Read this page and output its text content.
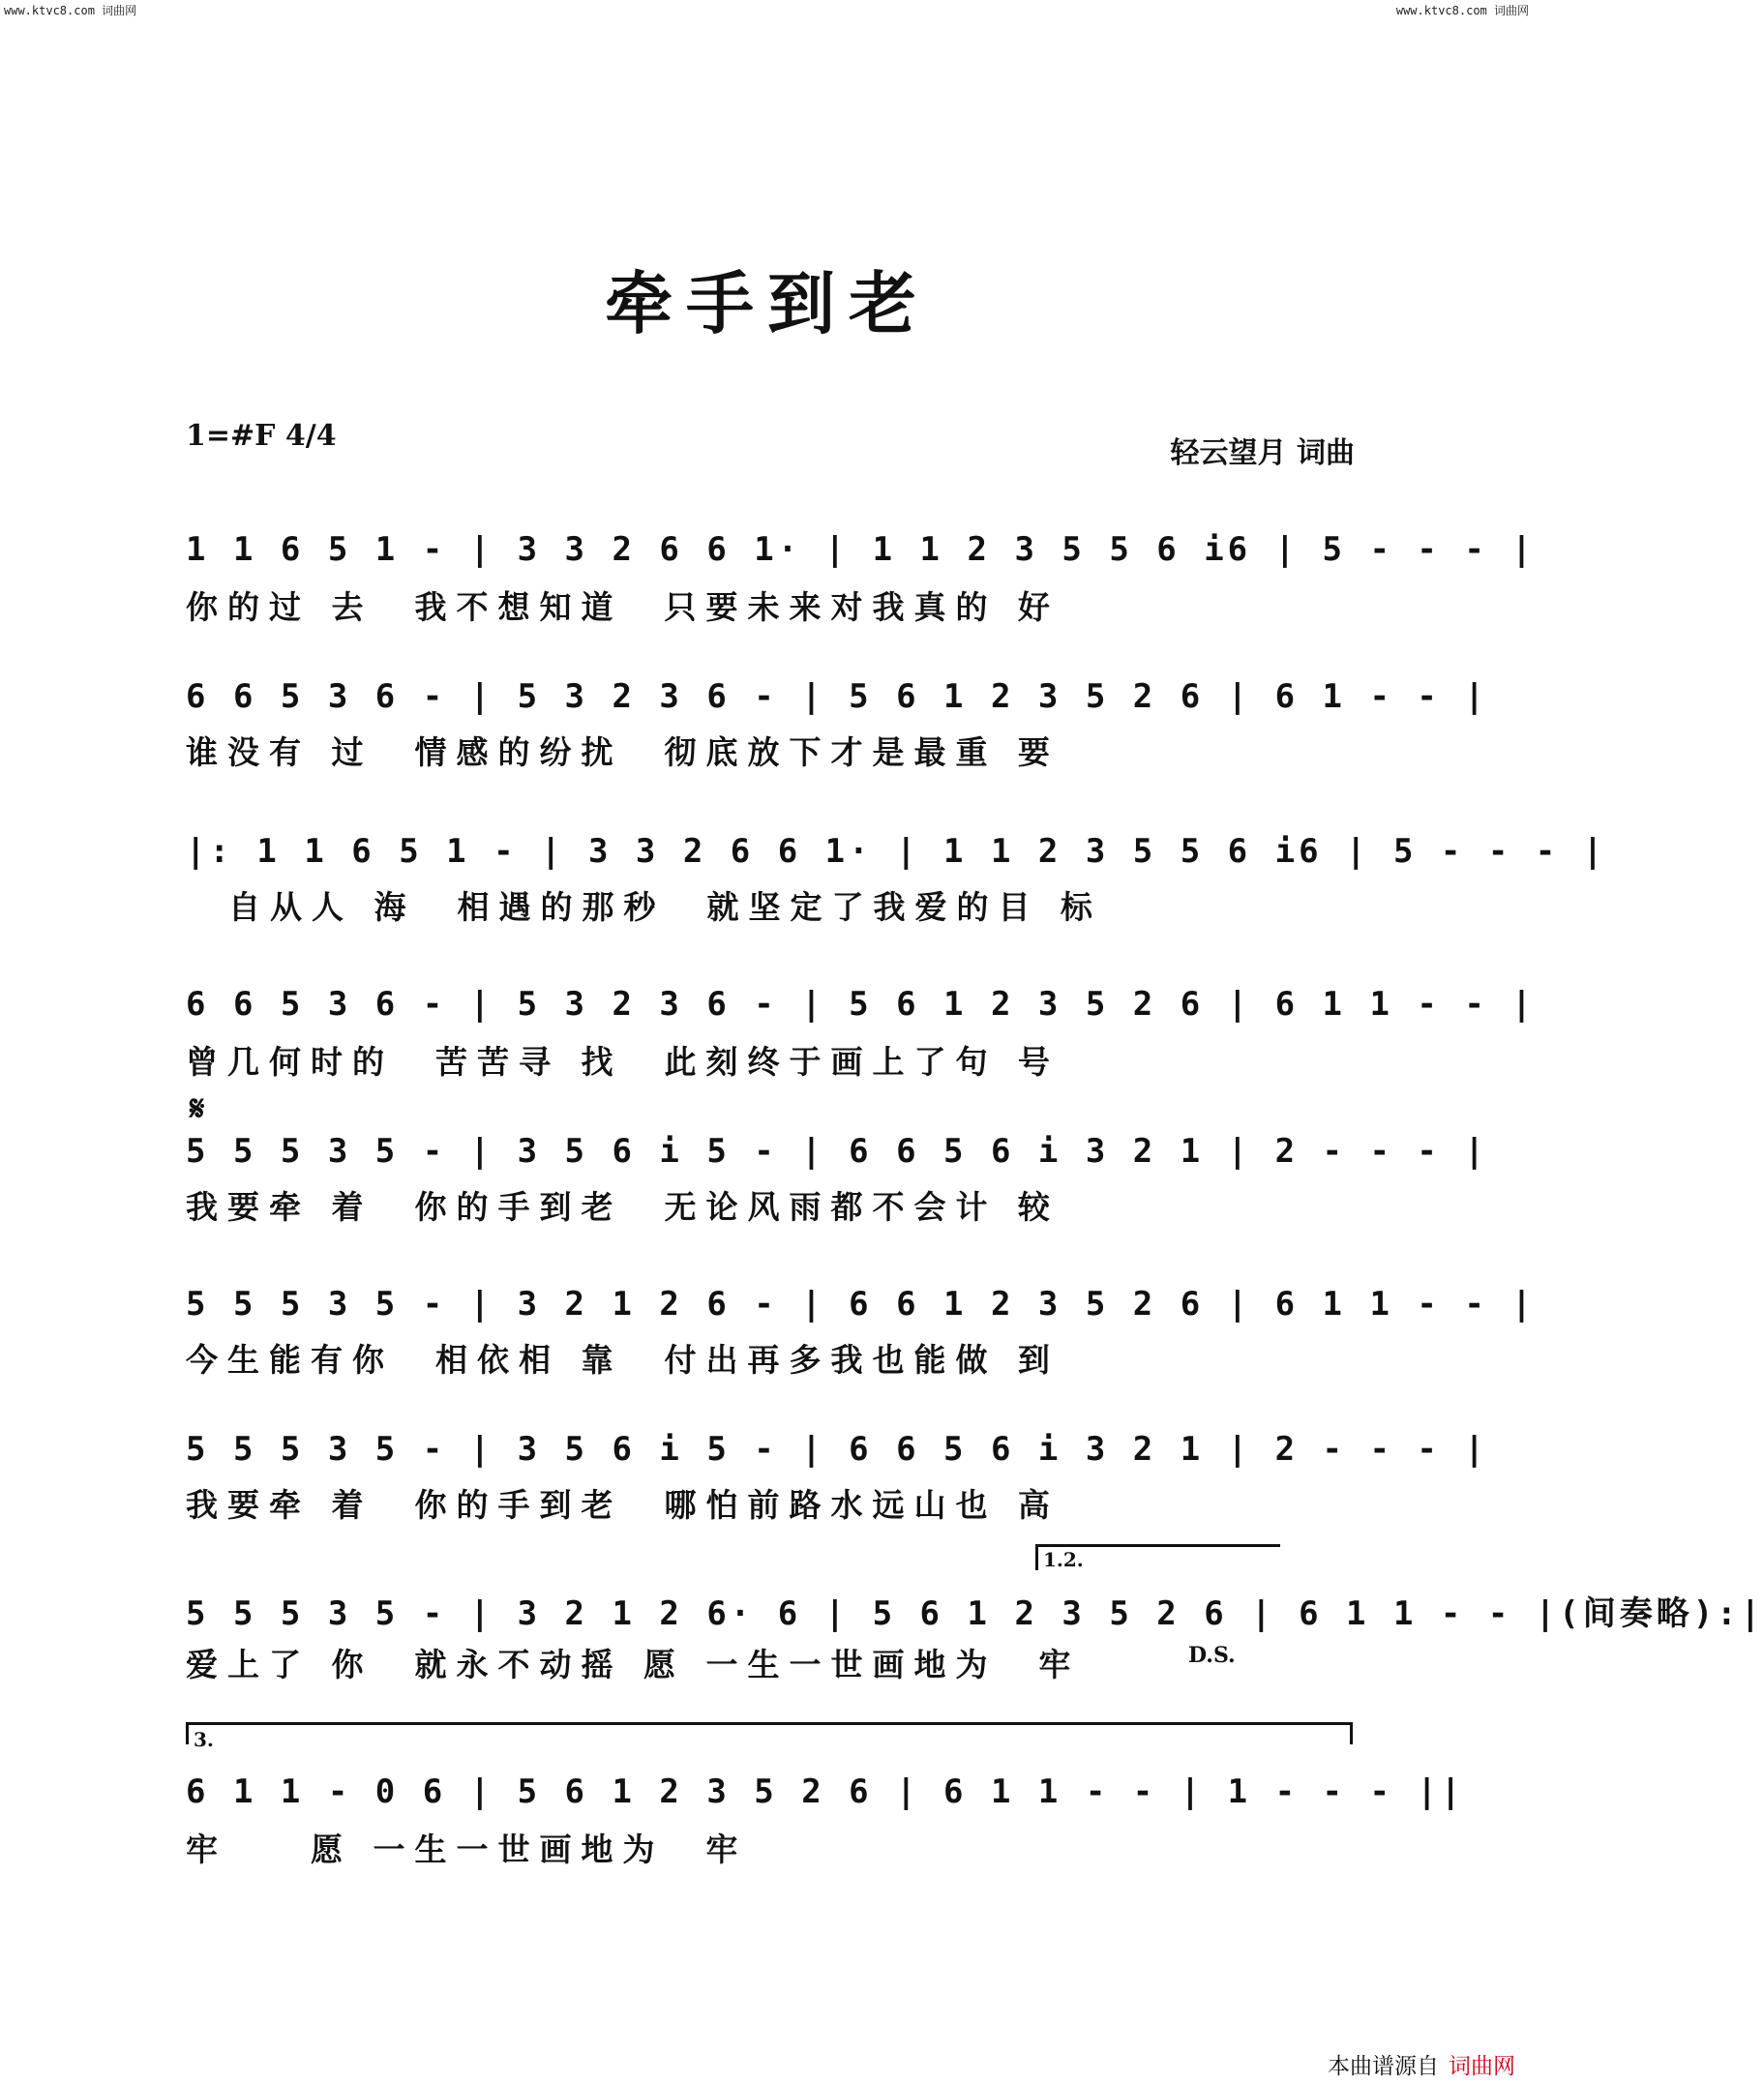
www.ktvc8.com 词曲网	www.ktvc8.com 词曲网
牵手到老
1=#F 4/4
轻云望月 词曲
1 1 6 5 1 - | 3 3 2 6 6 1· | 1 1 2 3 5 5 6 i6 | 5 - - - |
你的过 去  我不想知道  只要未来对我真的 好
6 6 5 3 6 - | 5 3 2 3 6 - | 5 6 1 2 3 5 2 6 | 6 1 - - |
谁没有 过  情感的纷扰  彻底放下才是最重 要
|: 1 1 6 5 1 - | 3 3 2 6 6 1· | 1 1 2 3 5 5 6 i6 | 5 - - - |
自从人 海  相遇的那秒  就坚定了我爱的目 标
6 6 5 3 6 - | 5 3 2 3 6 - | 5 6 1 2 3 5 2 6 | 6 1 1 - - |
曾几何时的  苦苦寻 找  此刻终于画上了句 号
𝄋
5 5 5 3 5 - | 3 5 6 i 5 - | 6 6 5 6 i 3 2 1 | 2 - - - |
我要牵 着  你的手到老  无论风雨都不会计 较
5 5 5 3 5 - | 3 2 1 2 6 - | 6 6 1 2 3 5 2 6 | 6 1 1 - - |
今生能有你  相依相 靠  付出再多我也能做 到
5 5 5 3 5 - | 3 5 6 i 5 - | 6 6 5 6 i 3 2 1 | 2 - - - |
我要牵 着  你的手到老  哪怕前路水远山也 高
1.2.
5 5 5 3 5 - | 3 2 1 2 6· 6 | 5 6 1 2 3 5 2 6 | 6 1 1 - - |(间奏略):|
爱上了 你  就永不动摇 愿 一生一世画地为  牢	D.S.
3.
6 1 1 - 0 6 | 5 6 1 2 3 5 2 6 | 6 1 1 - - | 1 - - - ||
牢    愿 一生一世画地为  牢
本曲谱源自 词曲网
